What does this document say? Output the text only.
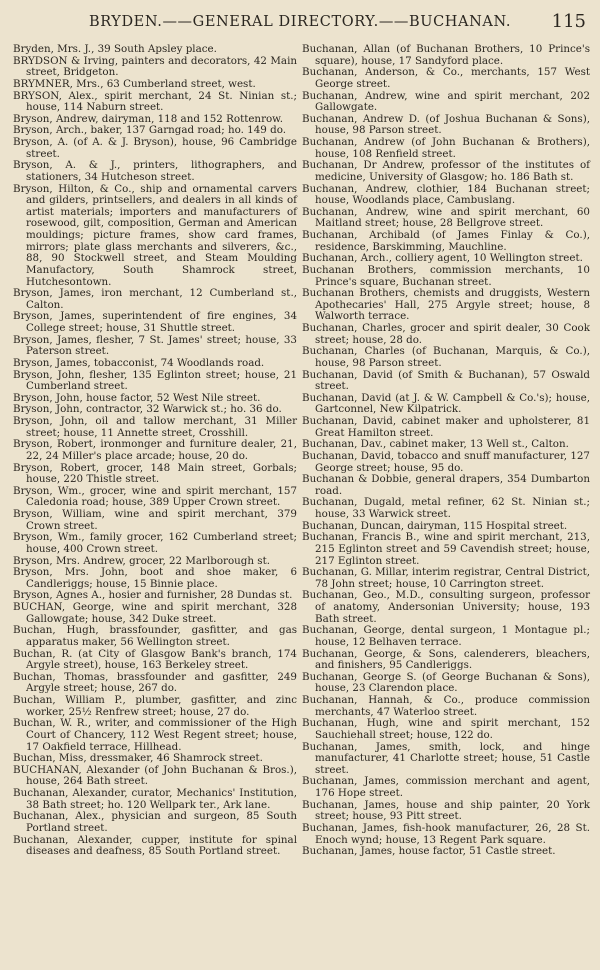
BRYDEN.——GENERAL DIRECTORY.——BUCHANAN.	115

Bryden, Mrs. J., 39 South Apsley place.

BRYDSON & Irving, painters and decorators, 42 Main street, Bridgeton.

BRYMNER, Mrs., 63 Cumberland street, west.

BRYSON, Alex., spirit merchant, 24 St. Ninian st.; house, 114 Naburn street.

Bryson, Andrew, dairyman, 118 and 152 Rottenrow.

Bryson, Arch., baker, 137 Garngad road; ho. 149 do.

Bryson, A. (of A. & J. Bryson), house, 96 Cambridge street.

Bryson, A. & J., printers, lithographers, and stationers, 34 Hutcheson street.

Bryson, Hilton, & Co., ship and ornamental carvers and gilders, printsellers, and dealers in all kinds of artist materials; importers and manufacturers of rosewood, gilt, composition, German and American mouldings; picture frames, show card frames, mirrors; plate glass merchants and silverers, &c., 88, 90 Stockwell street, and Steam Moulding Manufactory, South Shamrock street, Hutchesontown.

Bryson, James, iron merchant, 12 Cumberland st., Calton.

Bryson, James, superintendent of fire engines, 34 College street; house, 31 Shuttle street.

Bryson, James, flesher, 7 St. James' street; house, 33 Paterson street.

Bryson, James, tobacconist, 74 Woodlands road.

Bryson, John, flesher, 135 Eglinton street; house, 21 Cumberland street.

Bryson, John, house factor, 52 West Nile street.

Bryson, John, contractor, 32 Warwick st.; ho. 36 do.

Bryson, John, oil and tallow merchant, 31 Miller street; house, 11 Annette street, Crosshill.

Bryson, Robert, ironmonger and furniture dealer, 21, 22, 24 Miller's place arcade; house, 20 do.

Bryson, Robert, grocer, 148 Main street, Gorbals; house, 220 Thistle street.

Bryson, Wm., grocer, wine and spirit merchant, 157 Caledonia road; house, 389 Upper Crown street.

Bryson, William, wine and spirit merchant, 379 Crown street.

Bryson, Wm., family grocer, 162 Cumberland street; house, 400 Crown street.

Bryson, Mrs. Andrew, grocer, 22 Marlborough st.

Bryson, Mrs. John, boot and shoe maker, 6 Candleriggs; house, 15 Binnie place.

Bryson, Agnes A., hosier and furnisher, 28 Dundas st.

BUCHAN, George, wine and spirit merchant, 328 Gallowgate; house, 342 Duke street.

Buchan, Hugh, brassfounder, gasfitter, and gas apparatus maker, 56 Wellington street.

Buchan, R. (at City of Glasgow Bank's branch, 174 Argyle street), house, 163 Berkeley street.

Buchan, Thomas, brassfounder and gasfitter, 249 Argyle street; house, 267 do.

Buchan, William P., plumber, gasfitter, and zinc worker, 25½ Renfrew street; house, 27 do.

Buchan, W. R., writer, and commissioner of the High Court of Chancery, 112 West Regent street; house, 17 Oakfield terrace, Hillhead.

Buchan, Miss, dressmaker, 46 Shamrock street.

BUCHANAN, Alexander (of John Buchanan & Bros.), house, 264 Bath street.

Buchanan, Alexander, curator, Mechanics' Institution, 38 Bath street; ho. 120 Wellpark ter., Ark lane.

Buchanan, Alex., physician and surgeon, 85 South Portland street.

Buchanan, Alexander, cupper, institute for spinal diseases and deafness, 85 South Portland street.

Buchanan, Allan (of Buchanan Brothers, 10 Prince's square), house, 17 Sandyford place.

Buchanan, Anderson, & Co., merchants, 157 West George street.

Buchanan, Andrew, wine and spirit merchant, 202 Gallowgate.

Buchanan, Andrew D. (of Joshua Buchanan & Sons), house, 98 Parson street.

Buchanan, Andrew (of John Buchanan & Brothers), house, 108 Renfield street.

Buchanan, Dr Andrew, professor of the institutes of medicine, University of Glasgow; ho. 186 Bath st.

Buchanan, Andrew, clothier, 184 Buchanan street; house, Woodlands place, Cambuslang.

Buchanan, Andrew, wine and spirit merchant, 60 Maitland street; house, 28 Bellgrove street.

Buchanan, Archibald (of James Finlay & Co.), residence, Barskimming, Mauchline.

Buchanan, Arch., colliery agent, 10 Wellington street.

Buchanan Brothers, commission merchants, 10 Prince's square, Buchanan street.

Buchanan Brothers, chemists and druggists, Western Apothecaries' Hall, 275 Argyle street; house, 8 Walworth terrace.

Buchanan, Charles, grocer and spirit dealer, 30 Cook street; house, 28 do.

Buchanan, Charles (of Buchanan, Marquis, & Co.), house, 98 Parson street.

Buchanan, David (of Smith & Buchanan), 57 Oswald street.

Buchanan, David (at J. & W. Campbell & Co.'s); house, Gartconnel, New Kilpatrick.

Buchanan, David, cabinet maker and upholsterer, 81 Great Hamilton street.

Buchanan, Dav., cabinet maker, 13 Well st., Calton.

Buchanan, David, tobacco and snuff manufacturer, 127 George street; house, 95 do.

Buchanan & Dobbie, general drapers, 354 Dumbarton road.

Buchanan, Dugald, metal refiner, 62 St. Ninian st.; house, 33 Warwick street.

Buchanan, Duncan, dairyman, 115 Hospital street.

Buchanan, Francis B., wine and spirit merchant, 213, 215 Eglinton street and 59 Cavendish street; house, 217 Eglinton street.

Buchanan, G. Millar, interim registrar, Central District, 78 John street; house, 10 Carrington street.

Buchanan, Geo., M.D., consulting surgeon, professor of anatomy, Andersonian University; house, 193 Bath street.

Buchanan, George, dental surgeon, 1 Montague pl.; house, 12 Belhaven terrace.

Buchanan, George, & Sons, calenderers, bleachers, and finishers, 95 Candleriggs.

Buchanan, George S. (of George Buchanan & Sons), house, 23 Clarendon place.

Buchanan, Hannah, & Co., produce commission merchants, 47 Waterloo street.

Buchanan, Hugh, wine and spirit merchant, 152 Sauchiehall street; house, 122 do.

Buchanan, James, smith, lock, and hinge manufacturer, 41 Charlotte street; house, 51 Castle street.

Buchanan, James, commission merchant and agent, 176 Hope street.

Buchanan, James, house and ship painter, 20 York street; house, 93 Pitt street.

Buchanan, James, fish-hook manufacturer, 26, 28 St. Enoch wynd; house, 13 Regent Park square.

Buchanan, James, house factor, 51 Castle street.
